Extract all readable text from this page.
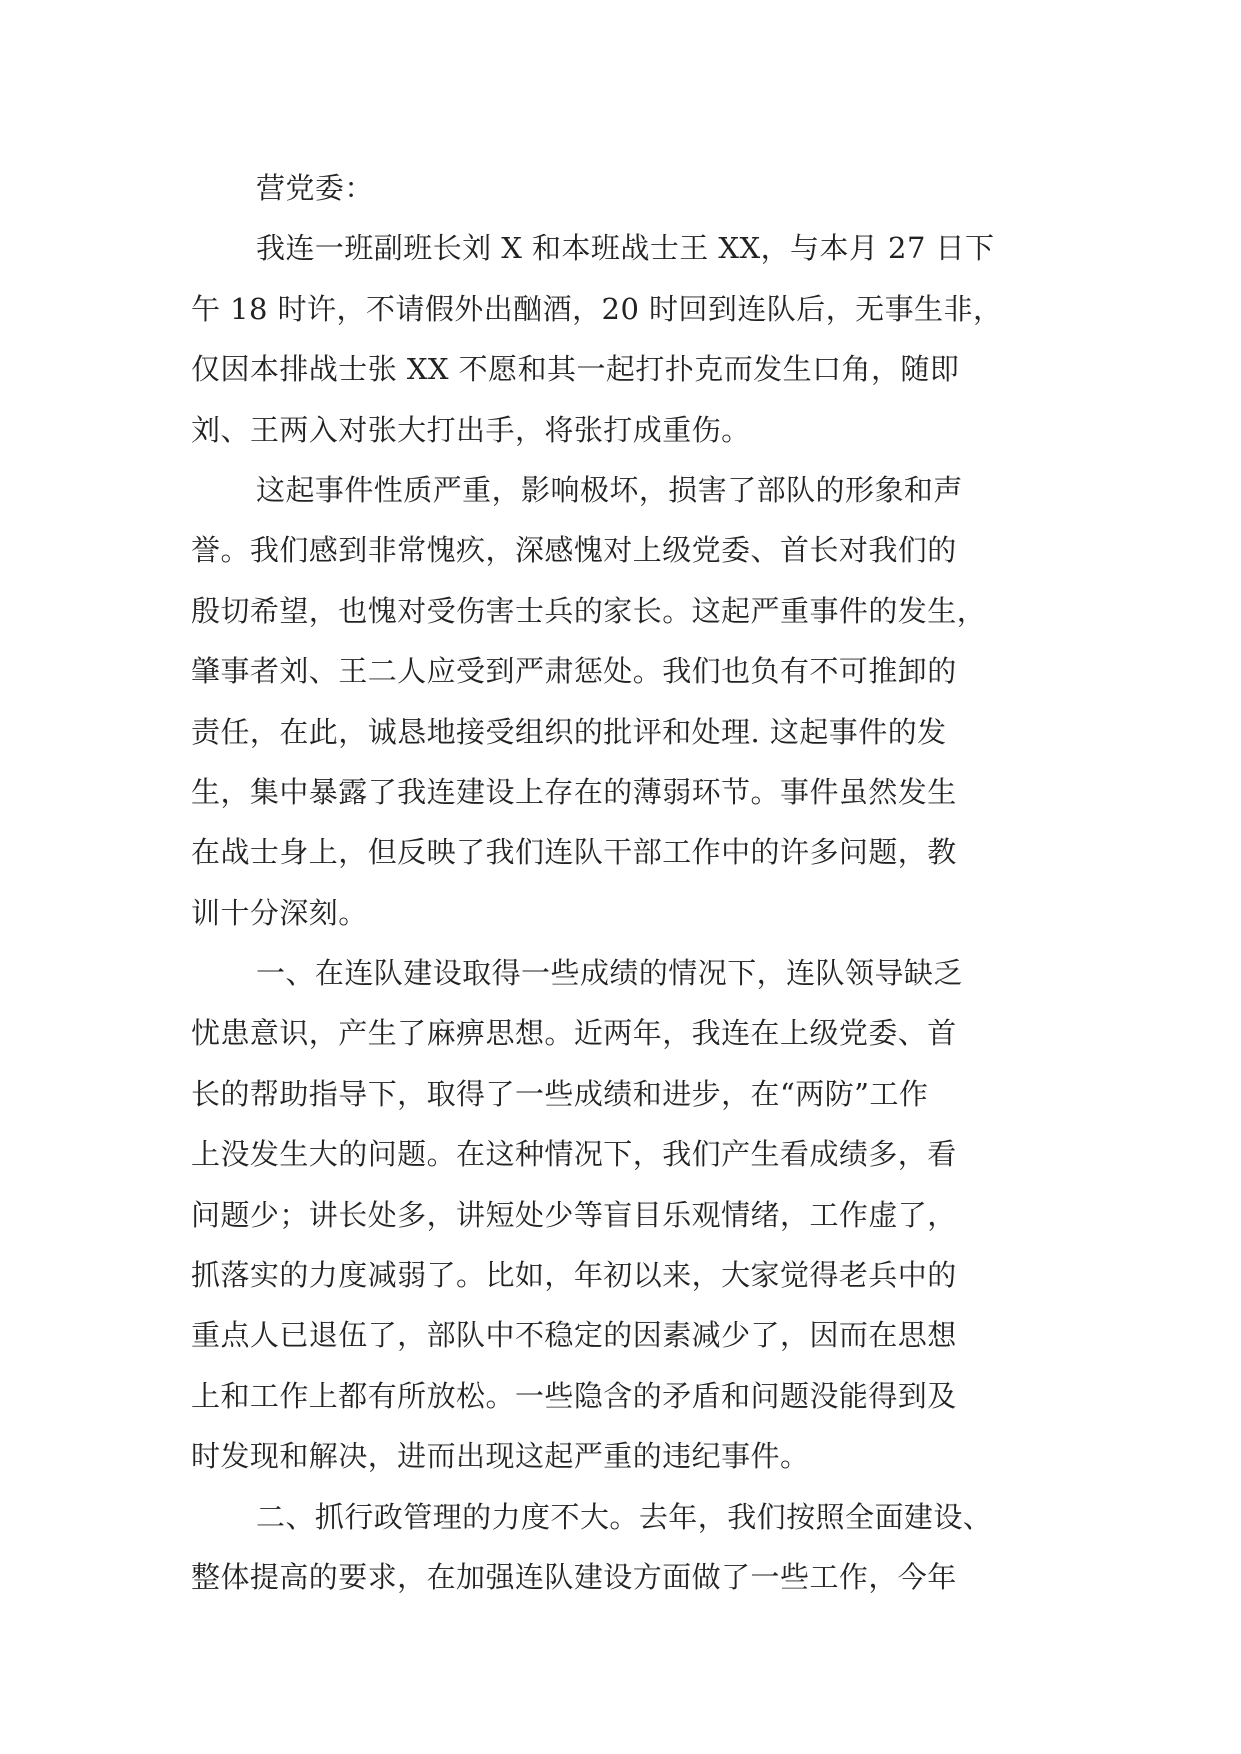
营党委：
我连一班副班长刘 X 和本班战士王 XX，与本月 27 日下
午 18 时许，不请假外出酗酒，20 时回到连队后，无事生非，
仅因本排战士张 XX 不愿和其一起打扑克而发生口角，随即
刘、王两入对张大打出手，将张打成重伤。
这起事件性质严重，影响极坏，损害了部队的形象和声
誉。我们感到非常愧疚，深感愧对上级党委、首长对我们的
殷切希望，也愧对受伤害士兵的家长。这起严重事件的发生，
肇事者刘、王二人应受到严肃惩处。我们也负有不可推卸的
责任，在此，诚恳地接受组织的批评和处理. 这起事件的发
生，集中暴露了我连建设上存在的薄弱环节。事件虽然发生
在战士身上，但反映了我们连队干部工作中的许多问题，教
训十分深刻。
一、在连队建设取得一些成绩的情况下，连队领导缺乏
忧患意识，产生了麻痹思想。近两年，我连在上级党委、首
长的帮助指导下，取得了一些成绩和进步，在“两防”工作
上没发生大的问题。在这种情况下，我们产生看成绩多，看
问题少；讲长处多，讲短处少等盲目乐观情绪，工作虚了，
抓落实的力度减弱了。比如，年初以来，大家觉得老兵中的
重点人已退伍了，部队中不稳定的因素减少了，因而在思想
上和工作上都有所放松。一些隐含的矛盾和问题没能得到及
时发现和解决，进而出现这起严重的违纪事件。
二、抓行政管理的力度不大。去年，我们按照全面建设、
整体提高的要求，在加强连队建设方面做了一些工作，今年
